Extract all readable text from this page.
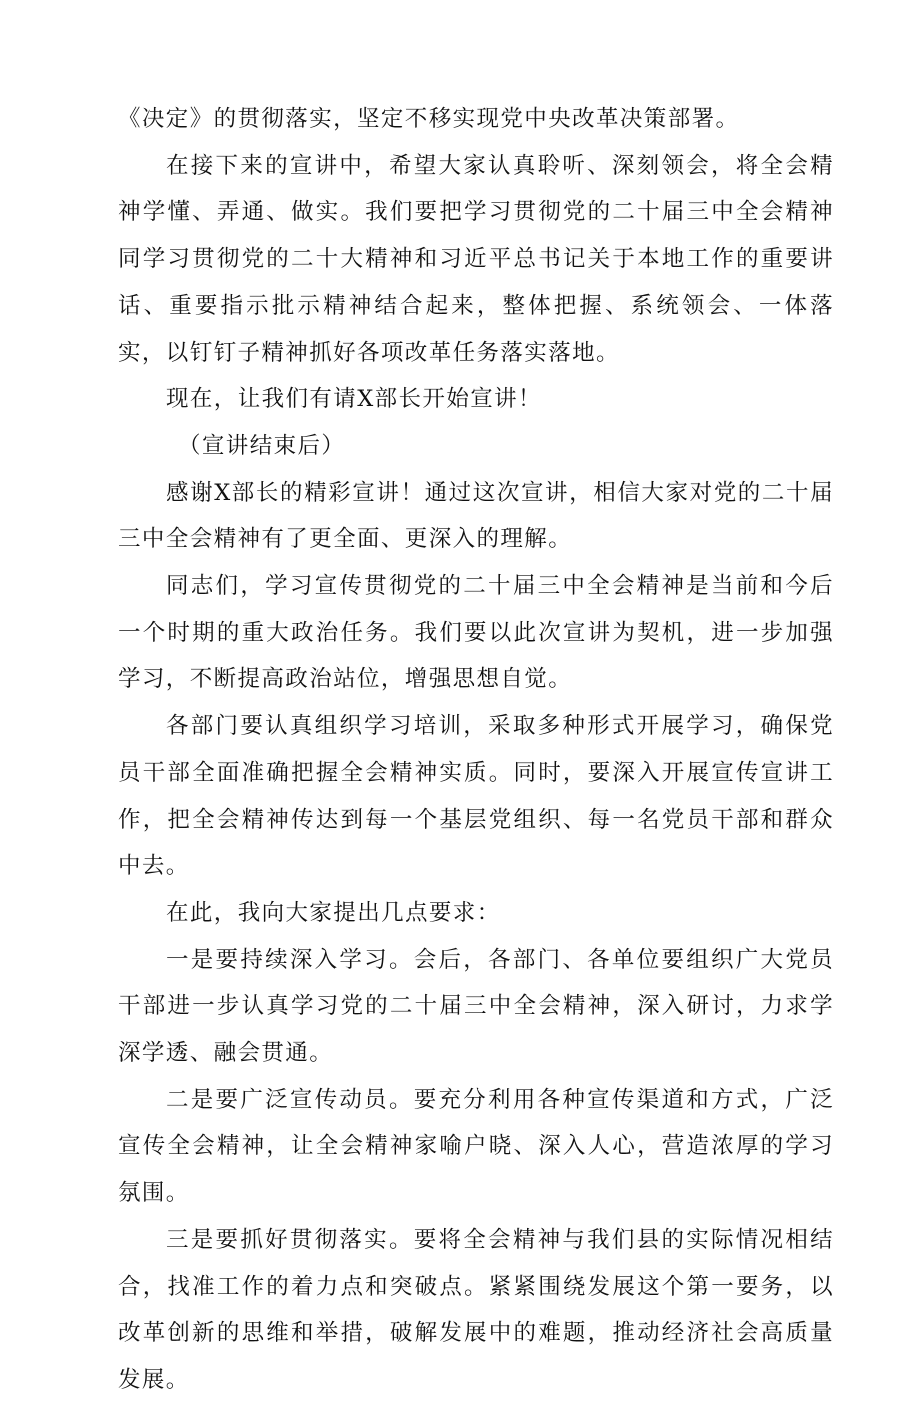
《决定》的贯彻落实，坚定不移实现党中央改革决策部署。

在接下来的宣讲中，希望大家认真聆听、深刻领会，将全会精神学懂、弄通、做实。我们要把学习贯彻党的二十届三中全会精神同学习贯彻党的二十大精神和习近平总书记关于本地工作的重要讲话、重要指示批示精神结合起来，整体把握、系统领会、一体落实，以钉钉子精神抓好各项改革任务落实落地。

现在，让我们有请X部长开始宣讲！

（宣讲结束后）

感谢X部长的精彩宣讲！通过这次宣讲，相信大家对党的二十届三中全会精神有了更全面、更深入的理解。

同志们，学习宣传贯彻党的二十届三中全会精神是当前和今后一个时期的重大政治任务。我们要以此次宣讲为契机，进一步加强学习，不断提高政治站位，增强思想自觉。

各部门要认真组织学习培训，采取多种形式开展学习，确保党员干部全面准确把握全会精神实质。同时，要深入开展宣传宣讲工作，把全会精神传达到每一个基层党组织、每一名党员干部和群众中去。

在此，我向大家提出几点要求：

一是要持续深入学习。会后，各部门、各单位要组织广大党员干部进一步认真学习党的二十届三中全会精神，深入研讨，力求学深学透、融会贯通。

二是要广泛宣传动员。要充分利用各种宣传渠道和方式，广泛宣传全会精神，让全会精神家喻户晓、深入人心，营造浓厚的学习氛围。

三是要抓好贯彻落实。要将全会精神与我们县的实际情况相结合，找准工作的着力点和突破点。紧紧围绕发展这个第一要务，以改革创新的思维和举措，破解发展中的难题，推动经济社会高质量发展。
